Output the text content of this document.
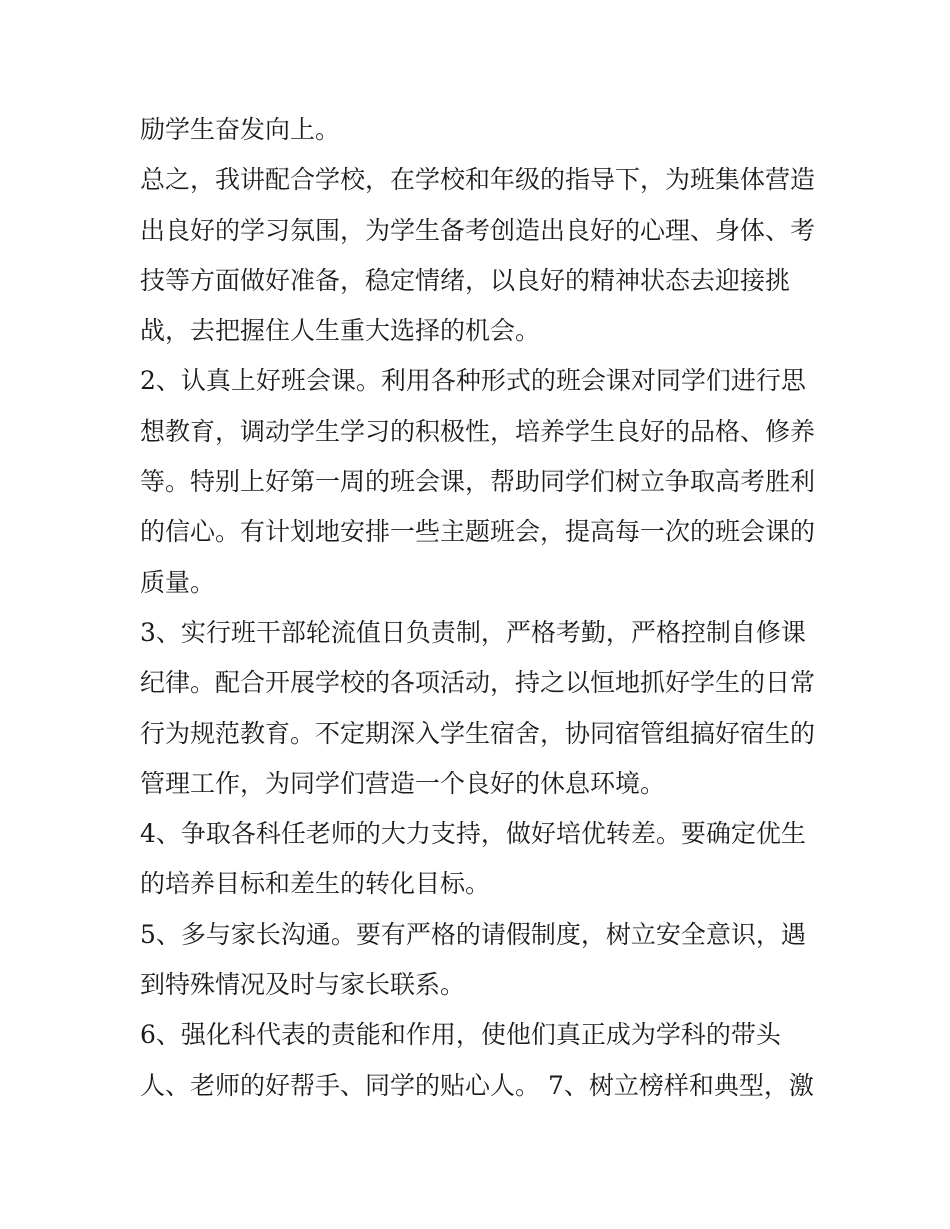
励学生奋发向上。

总之，我讲配合学校，在学校和年级的指导下，为班集体营造

出良好的学习氛围，为学生备考创造出良好的心理、身体、考

技等方面做好准备，稳定情绪，以良好的精神状态去迎接挑

战，去把握住人生重大选择的机会。

2、认真上好班会课。利用各种形式的班会课对同学们进行思

想教育，调动学生学习的积极性，培养学生良好的品格、修养

等。特别上好第一周的班会课，帮助同学们树立争取高考胜利

的信心。有计划地安排一些主题班会，提高每一次的班会课的

质量。

3、实行班干部轮流值日负责制，严格考勤，严格控制自修课

纪律。配合开展学校的各项活动，持之以恒地抓好学生的日常

行为规范教育。不定期深入学生宿舍，协同宿管组搞好宿生的

管理工作，为同学们营造一个良好的休息环境。

4、争取各科任老师的大力支持，做好培优转差。要确定优生

的培养目标和差生的转化目标。

5、多与家长沟通。要有严格的请假制度，树立安全意识，遇

到特殊情况及时与家长联系。

6、强化科代表的责能和作用，使他们真正成为学科的带头

人、老师的好帮手、同学的贴心人。 7、树立榜样和典型，激
